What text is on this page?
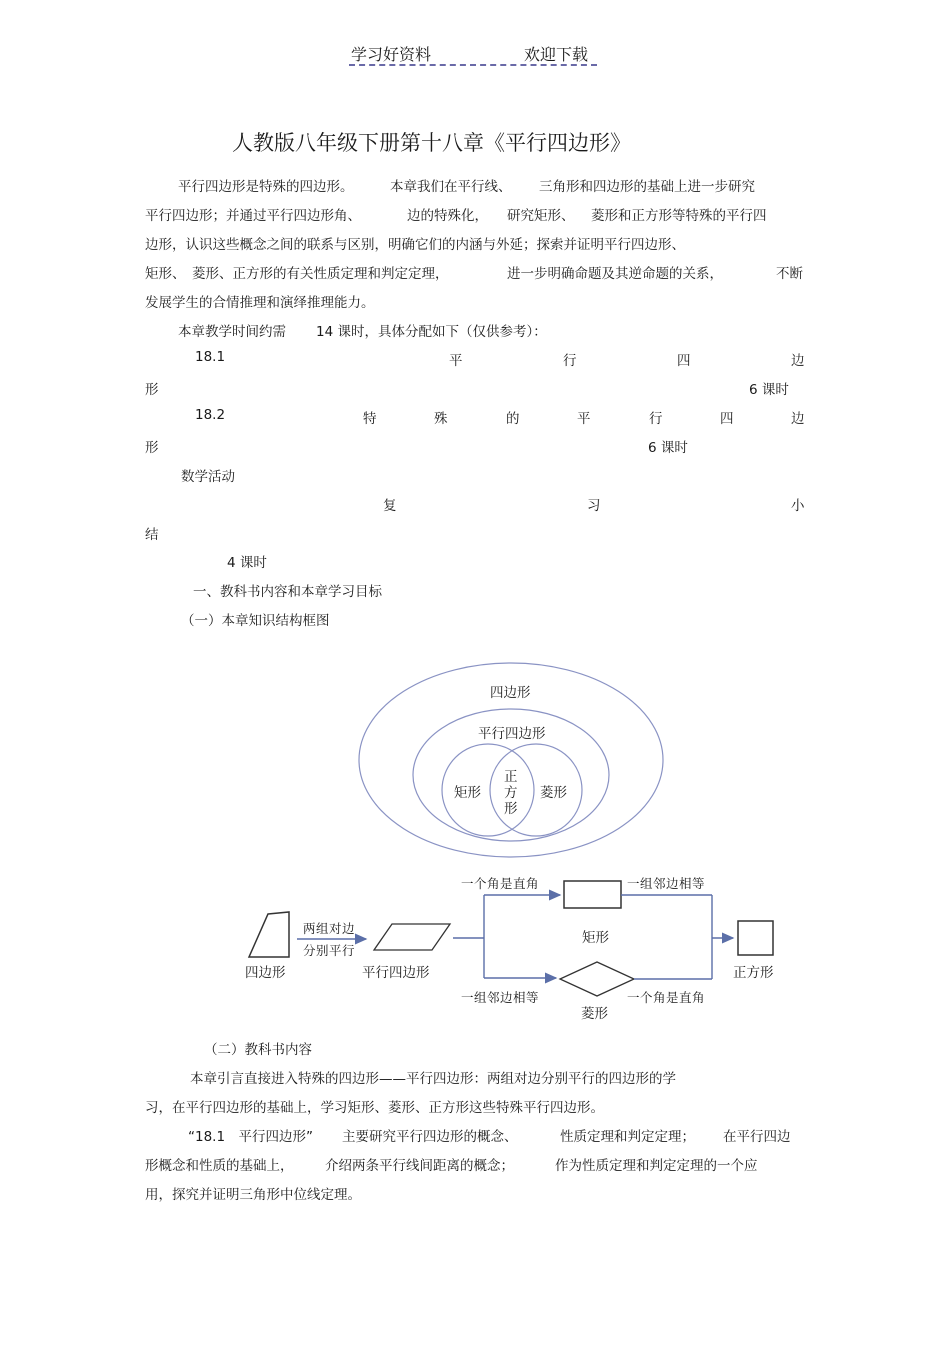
学习好资料	欢迎下载
人教版八年级下册第十八章《平行四边形》
平行四边形是特殊的四边形。	本章我们在平行线、 三角形和四边形的基础上进一步研究
平行四边形；并通过平行四边形角、	边的特殊化， 研究矩形、 菱形和正方形等特殊的平行四
边形，认识这些概念之间的联系与区别，明确它们的内涵与外延；探索并证明平行四边形、
矩形、 菱形、正方形的有关性质定理和判定定理，	进一步明确命题及其逆命题的关系，	不断
发展学生的合情推理和演绎推理能力。
本章教学时间约需 14 课时，具体分配如下（仅供参考）：
18.1	平	行	四	边
形	6 课时
18.2	特	殊	的	平	行	四	边
形	6 课时
数学活动
复	习	小
结
4 课时
一、教科书内容和本章学习目标
（一）本章知识结构框图
四边形
平行四边形
矩形	菱形
正
方
形
四边形
两组对边
分别平行
平行四边形
一个角是直角	一组邻边相等
矩形
正方形
一组邻边相等
菱形
一个角是直角
（二）教科书内容
本章引言直接进入特殊的四边形——平行四边形：两组对边分别平行的四边形的学
习，在平行四边形的基础上，学习矩形、菱形、正方形这些特殊平行四边形。
“18.1　平行四边形” 主要研究平行四边形的概念、	性质定理和判定定理； 在平行四边
形概念和性质的基础上， 介绍两条平行线间距离的概念；	作为性质定理和判定定理的一个应
用，探究并证明三角形中位线定理。
